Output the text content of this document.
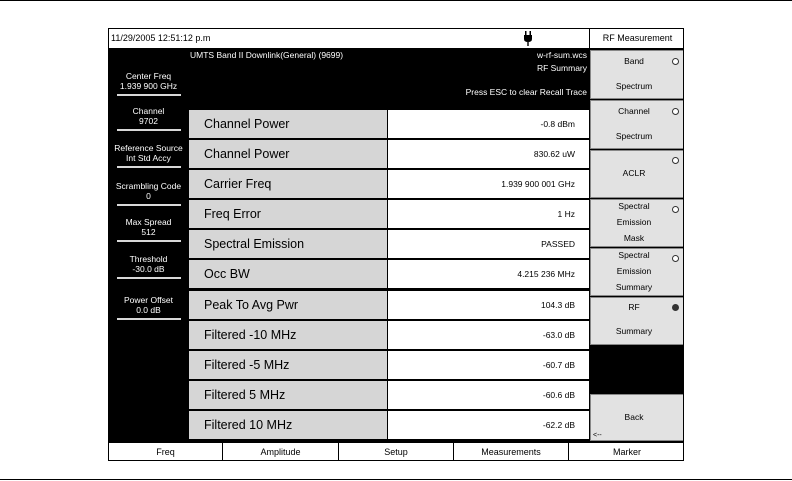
11/29/2005 12:51:12 p.m	RF Measurement
Center Freq
1.939 900 GHz
Channel
9702
Reference Source
Int Std Accy
Scrambling Code
0
Max Spread
512
Threshold
-30.0 dB
Power Offset
0.0 dB
UMTS Band II Downlink(General) (9699)	w-rf-sum.wcs
RF Summary
Press ESC to clear Recall Trace
Channel Power	-0.8 dBm
Channel Power	830.62 uW
Carrier Freq	1.939 900 001 GHz
Freq Error	1 Hz
Spectral Emission	PASSED
Occ BW	4.215 236 MHz
Peak To Avg Pwr	104.3 dB
Filtered -10 MHz	-63.0 dB
Filtered -5 MHz	-60.7 dB
Filtered 5 MHz	-60.6 dB
Filtered 10 MHz	-62.2 dB
Band
Spectrum
Channel
Spectrum
ACLR
Spectral
Emission
Mask
Spectral
Emission
Summary
RF
Summary
Back
<--
Freq	Amplitude	Setup	Measurements	Marker
